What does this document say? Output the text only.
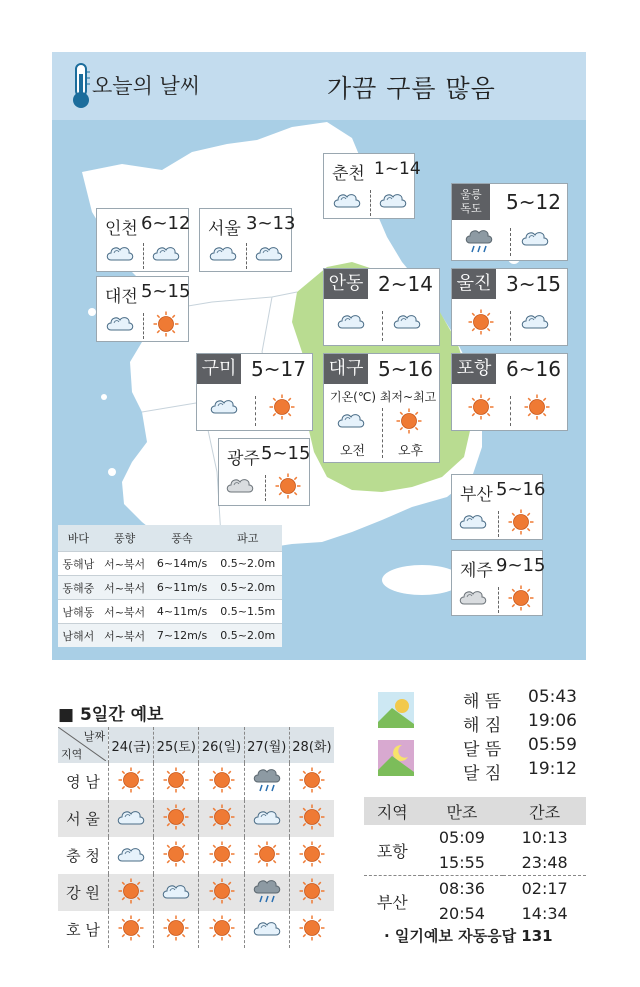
오늘의 날씨	가끔 구름 많음
춘천 1~14
인천 6~12 서울 3~13
울릉
독도	5~12
대전 5~15	안동 2~14 울진 3~15
구미 5~17 대구 5~16
기온(℃) 최저~최고
오전	오후
포항 6~16
광주 5~15
부산 5~16
제주 9~15
바다	풍향	풍속	파고
동해남	서~북서	6~14m/s	0.5~2.0m
동해중	서~북서	6~11m/s	0.5~2.0m
남해동	서~북서	4~11m/s	0.5~1.5m
남해서	서~북서	7~12m/s	0.5~2.0m
■ 5일간 예보
날짜
지역	24(금)	25(토)	26(일)	27(월)	28(화)
영 남					
서 울					
충 청					
강 원					
호 남					
해 뜸 05:43
해 짐 19:06
달 뜸 05:59
달 짐 19:12
지역	만조	간조
포항	05:09	10:13
	15:55	23:48
부산	08:36	02:17
	20:54	14:34
· 일기예보 자동응답 131
